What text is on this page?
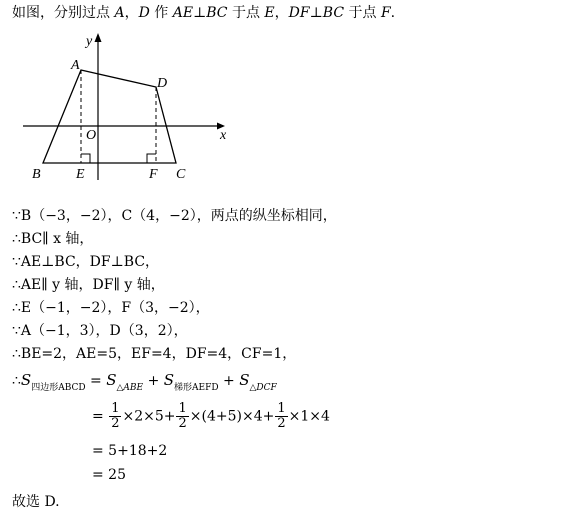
如图，分别过点 A，D 作 AE⊥BC 于点 E，DF⊥BC 于点 F.
y
x
A
D
O
B	E	F C
∵B（−3，−2），C（4，−2），两点的纵坐标相同，
∴BC∥ x 轴，
∵AE⊥BC，DF⊥BC，
∴AE∥ y 轴，DF∥ y 轴，
∴E（−1，−2），F（3，−2），
∵A（−1，3），D（3，2），
∴BE=2，AE=5，EF=4，DF=4，CF=1，
$\therefore S_{四边形ABCD} = S_{\triangle ABE} + S_{梯形AEFD} + S_{\triangle DCF}$
= $\frac{1}{2} \times 2\times 5+ \frac{1}{2} \times(4+5)\times 4+ \frac{1}{2} \times 1\times 4$
= 5+18+2
= 25
故选 D.
